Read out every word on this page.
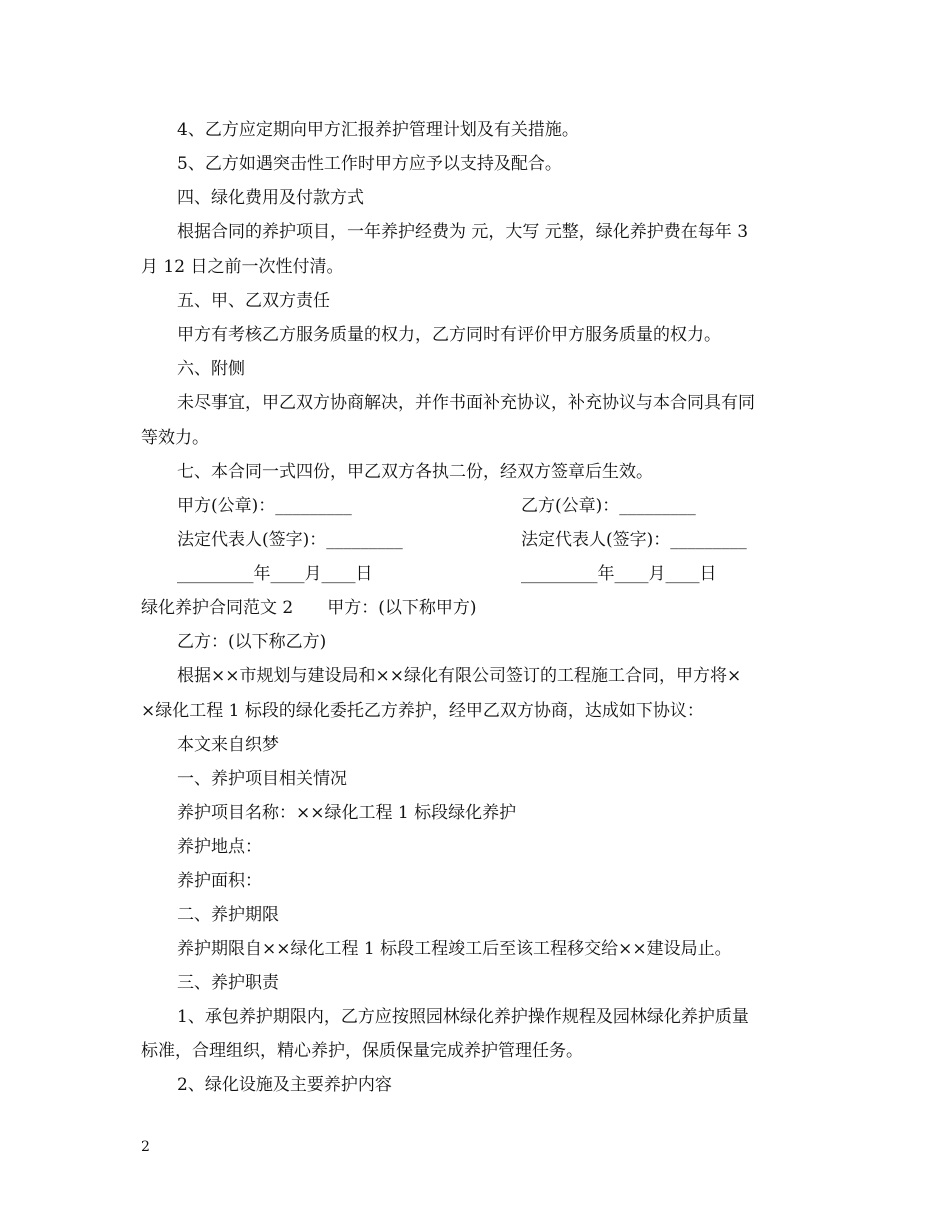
4、乙方应定期向甲方汇报养护管理计划及有关措施。
5、乙方如遇突击性工作时甲方应予以支持及配合。
四、绿化费用及付款方式
根据合同的养护项目，一年养护经费为 元，大写 元整，绿化养护费在每年 3
月 12 日之前一次性付清。
五、甲、乙双方责任
甲方有考核乙方服务质量的权力，乙方同时有评价甲方服务质量的权力。
六、附侧
未尽事宜，甲乙双方协商解决，并作书面补充协议，补充协议与本合同具有同
等效力。
七、本合同一式四份，甲乙双方各执二份，经双方签章后生效。
甲方(公章)：_________	乙方(公章)：_________
法定代表人(签字)：_________	法定代表人(签字)：_________
_________年____月____日	_________年____月____日
绿化养护合同范文 2　　甲方：(以下称甲方)
乙方：(以下称乙方)
根据××市规划与建设局和××绿化有限公司签订的工程施工合同，甲方将×
×绿化工程 1 标段的绿化委托乙方养护，经甲乙双方协商，达成如下协议：
本文来自织梦
一、养护项目相关情况
养护项目名称：××绿化工程 1 标段绿化养护
养护地点：
养护面积：
二、养护期限
养护期限自××绿化工程 1 标段工程竣工后至该工程移交给××建设局止。
三、养护职责
1、承包养护期限内，乙方应按照园林绿化养护操作规程及园林绿化养护质量
标准，合理组织，精心养护，保质保量完成养护管理任务。
2、绿化设施及主要养护内容
2
